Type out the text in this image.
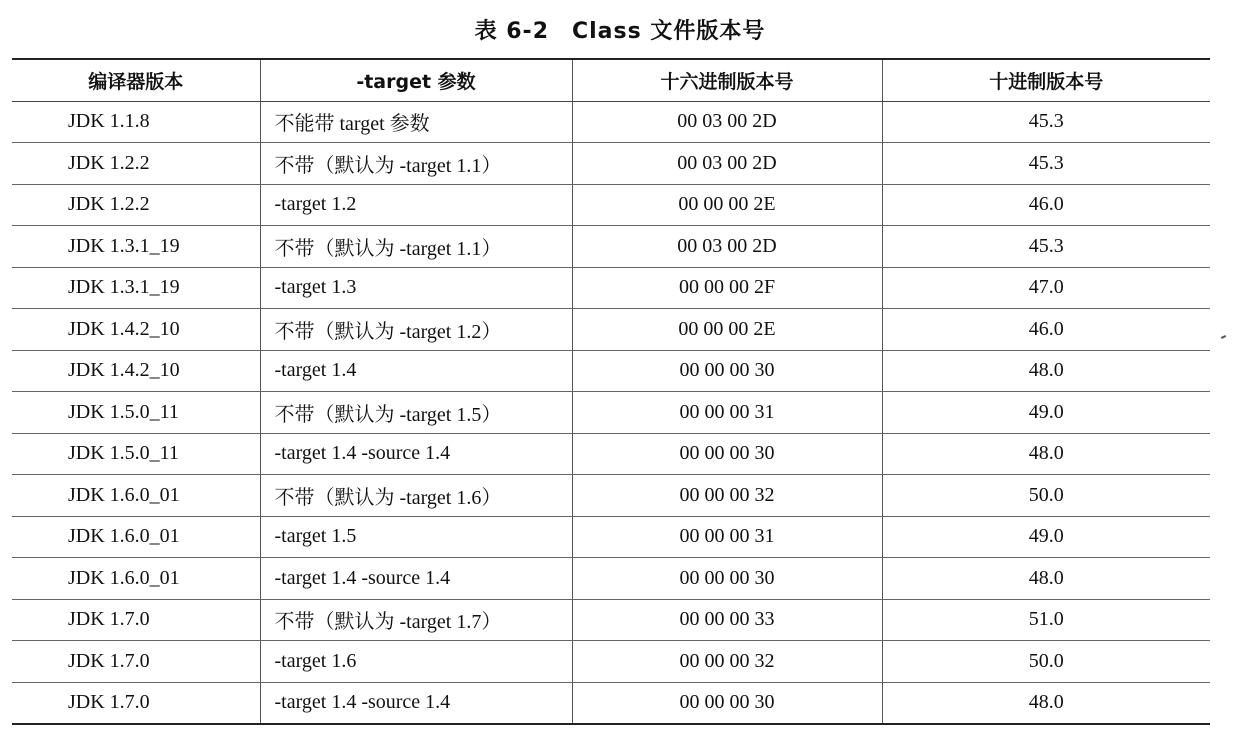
表 6-2　Class 文件版本号
编译器版本	-target 参数	十六进制版本号	十进制版本号
JDK 1.1.8	不能带 target 参数	00 03 00 2D	45.3
JDK 1.2.2	不带（默认为 -target 1.1）	00 03 00 2D	45.3
JDK 1.2.2	-target 1.2	00 00 00 2E	46.0
JDK 1.3.1_19	不带（默认为 -target 1.1）	00 03 00 2D	45.3
JDK 1.3.1_19	-target 1.3	00 00 00 2F	47.0
JDK 1.4.2_10	不带（默认为 -target 1.2）	00 00 00 2E	46.0
JDK 1.4.2_10	-target 1.4	00 00 00 30	48.0
JDK 1.5.0_11	不带（默认为 -target 1.5）	00 00 00 31	49.0
JDK 1.5.0_11	-target 1.4 -source 1.4	00 00 00 30	48.0
JDK 1.6.0_01	不带（默认为 -target 1.6）	00 00 00 32	50.0
JDK 1.6.0_01	-target 1.5	00 00 00 31	49.0
JDK 1.6.0_01	-target 1.4 -source 1.4	00 00 00 30	48.0
JDK 1.7.0	不带（默认为 -target 1.7）	00 00 00 33	51.0
JDK 1.7.0	-target 1.6	00 00 00 32	50.0
JDK 1.7.0	-target 1.4 -source 1.4	00 00 00 30	48.0
